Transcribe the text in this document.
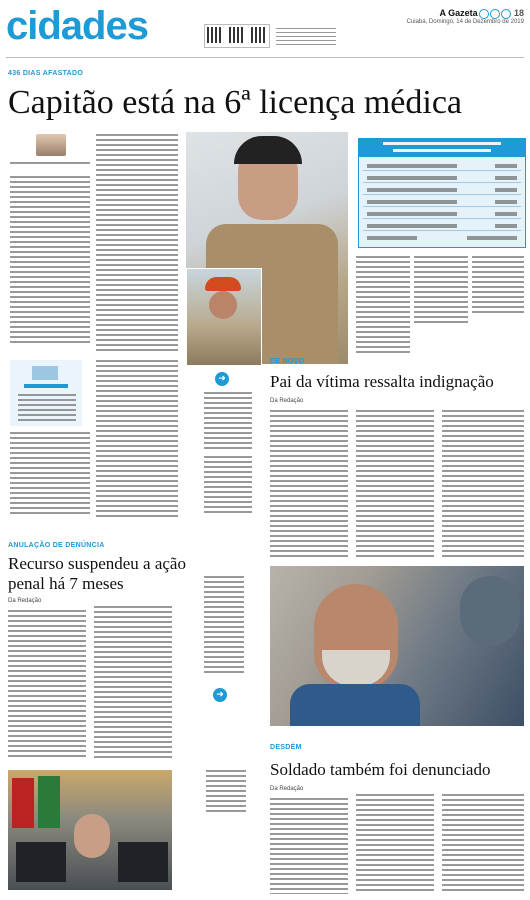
cidades	A Gazeta	18
Cuiabá, Domingo, 14 de Dezembro de 2019
436 DIAS AFASTADO
Capitão está na 6ª licença médica
➜
DE NOVO
Pai da vítima ressalta indignação
Da Redação
ANULAÇÃO DE DENÚNCIA
Recurso suspendeu a ação penal há 7 meses
Da Redação
➜
DESDÉM
Soldado também foi denunciado
Da Redação
